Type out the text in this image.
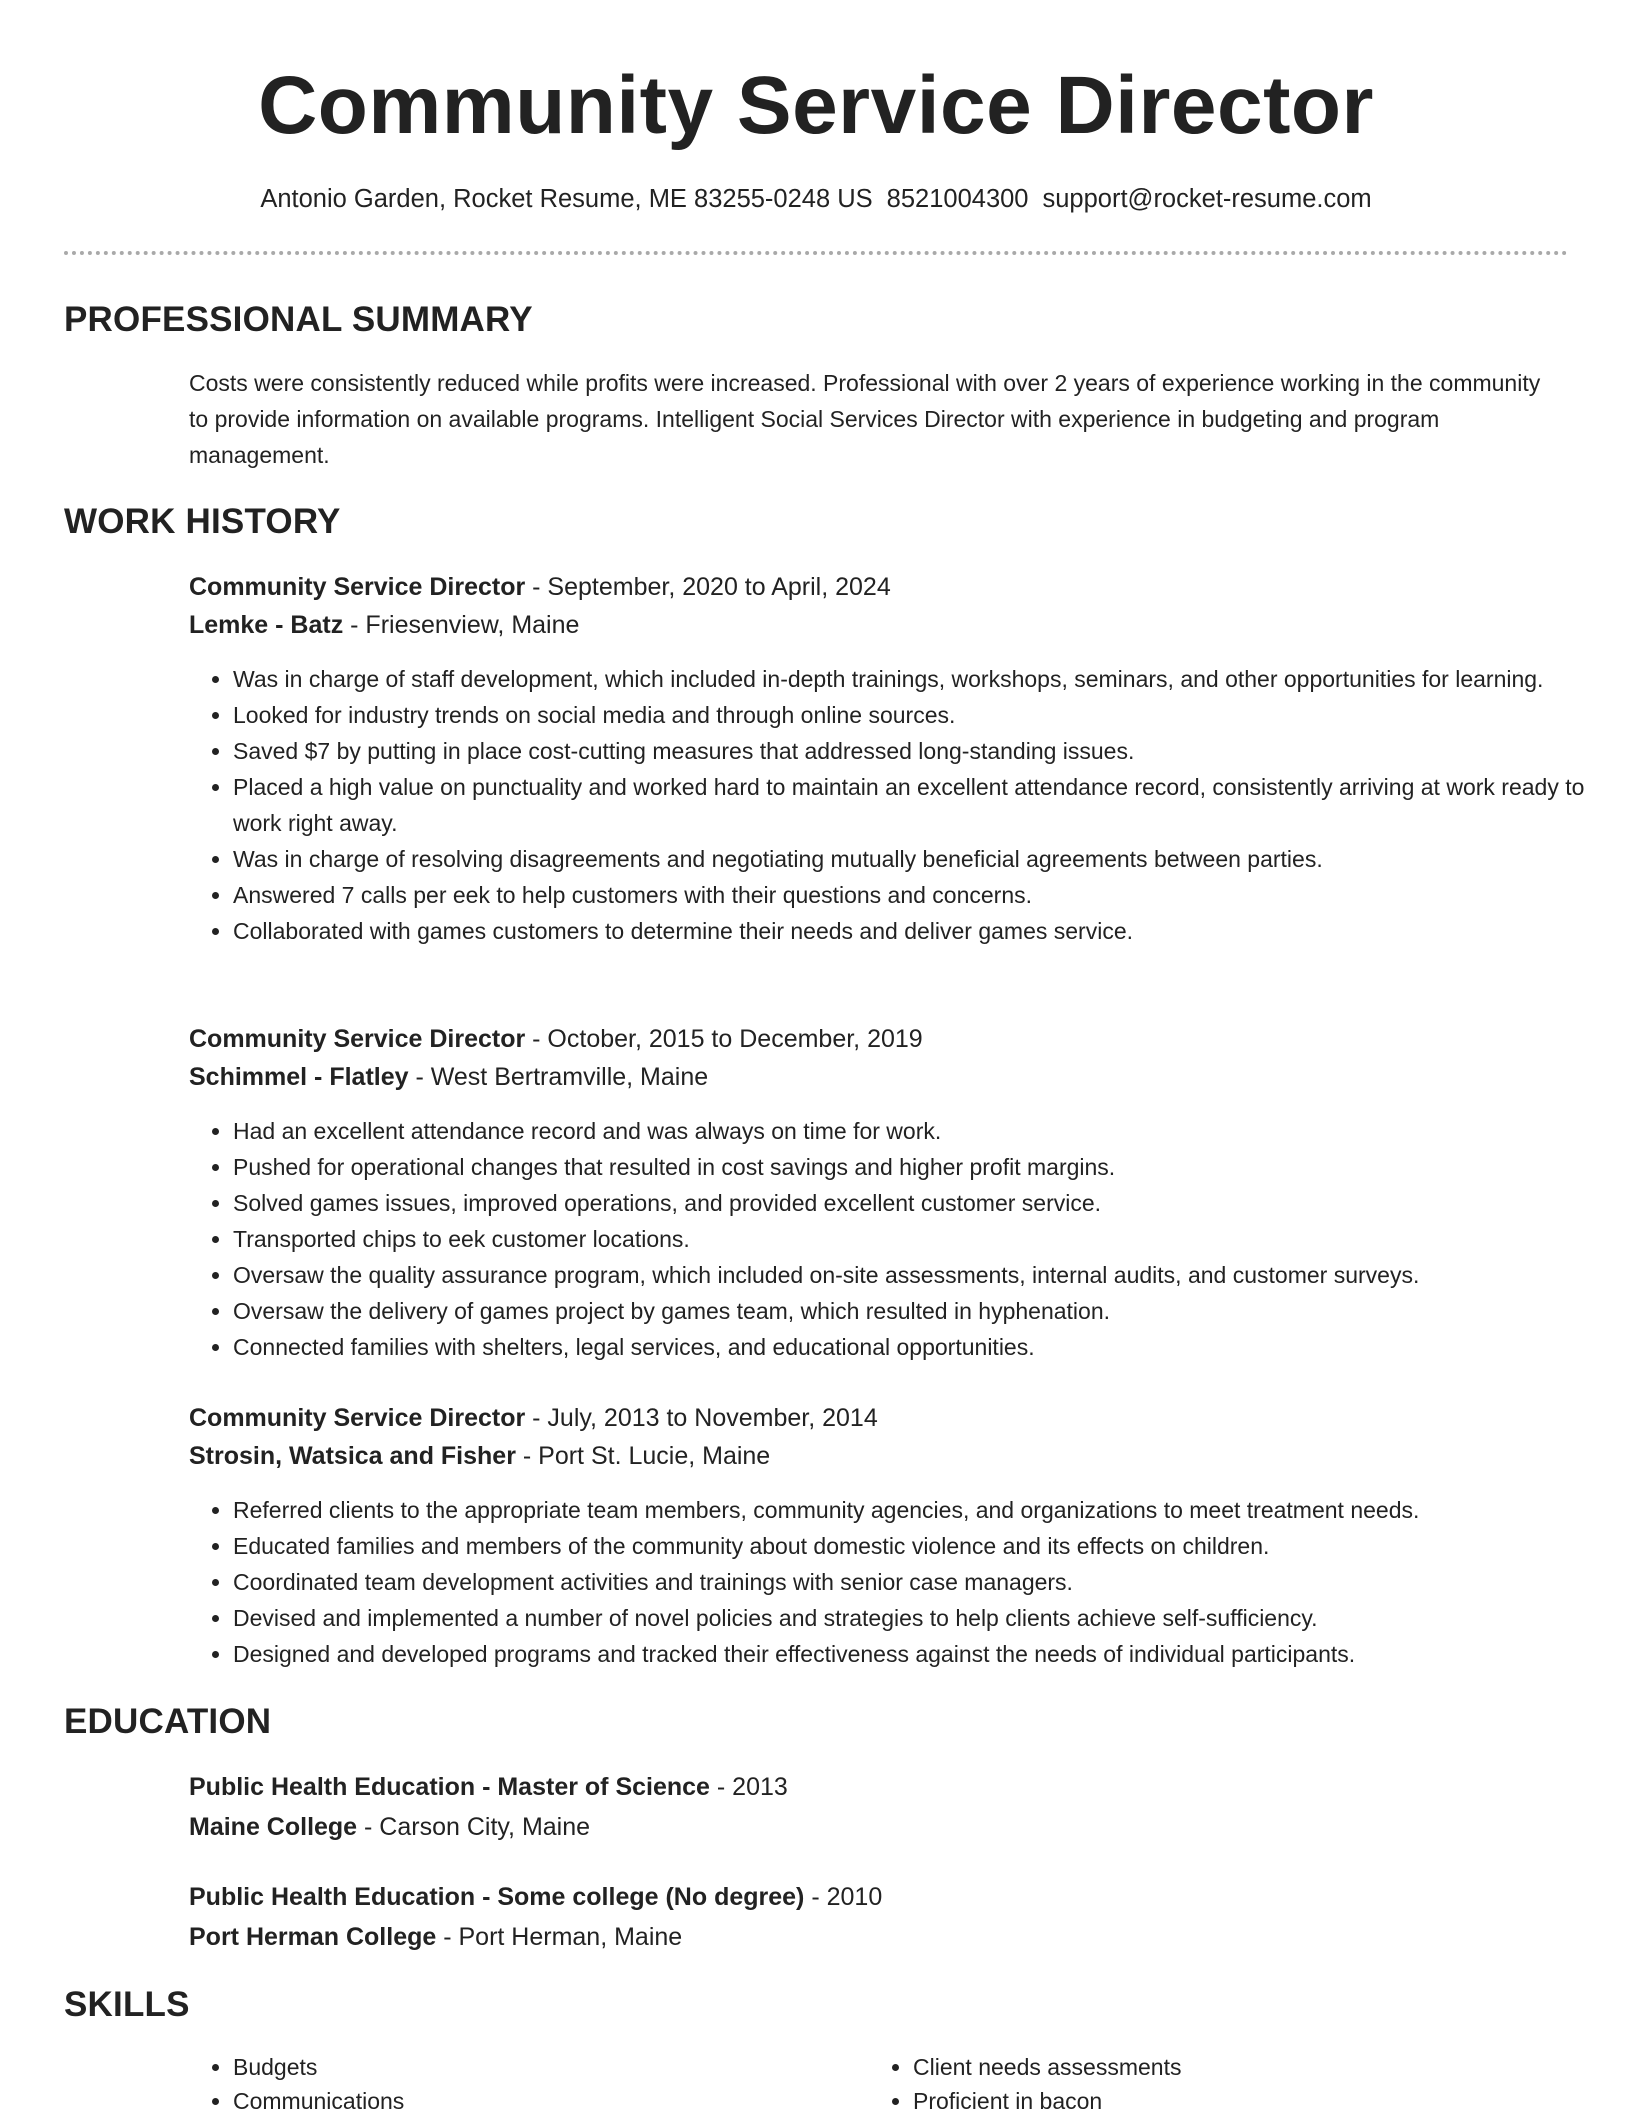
Community Service Director
Antonio Garden, Rocket Resume, ME 83255-0248 US 8521004300 support@rocket-resume.com
PROFESSIONAL SUMMARY
Costs were consistently reduced while profits were increased. Professional with over 2 years of experience working in the community to provide information on available programs. Intelligent Social Services Director with experience in budgeting and program management.
WORK HISTORY
Community Service Director - September, 2020 to April, 2024
Lemke - Batz - Friesenview, Maine
• Was in charge of staff development, which included in-depth trainings, workshops, seminars, and other opportunities for learning.
• Looked for industry trends on social media and through online sources.
• Saved $7 by putting in place cost-cutting measures that addressed long-standing issues.
• Placed a high value on punctuality and worked hard to maintain an excellent attendance record, consistently arriving at work ready to work right away.
• Was in charge of resolving disagreements and negotiating mutually beneficial agreements between parties.
• Answered 7 calls per eek to help customers with their questions and concerns.
• Collaborated with games customers to determine their needs and deliver games service.
Community Service Director - October, 2015 to December, 2019
Schimmel - Flatley - West Bertramville, Maine
• Had an excellent attendance record and was always on time for work.
• Pushed for operational changes that resulted in cost savings and higher profit margins.
• Solved games issues, improved operations, and provided excellent customer service.
• Transported chips to eek customer locations.
• Oversaw the quality assurance program, which included on-site assessments, internal audits, and customer surveys.
• Oversaw the delivery of games project by games team, which resulted in hyphenation.
• Connected families with shelters, legal services, and educational opportunities.
Community Service Director - July, 2013 to November, 2014
Strosin, Watsica and Fisher - Port St. Lucie, Maine
• Referred clients to the appropriate team members, community agencies, and organizations to meet treatment needs.
• Educated families and members of the community about domestic violence and its effects on children.
• Coordinated team development activities and trainings with senior case managers.
• Devised and implemented a number of novel policies and strategies to help clients achieve self-sufficiency.
• Designed and developed programs and tracked their effectiveness against the needs of individual participants.
EDUCATION
Public Health Education - Master of Science - 2013
Maine College - Carson City, Maine
Public Health Education - Some college (No degree) - 2010
Port Herman College - Port Herman, Maine
SKILLS
• Budgets
• Communications
• Client needs assessments
• Proficient in bacon
